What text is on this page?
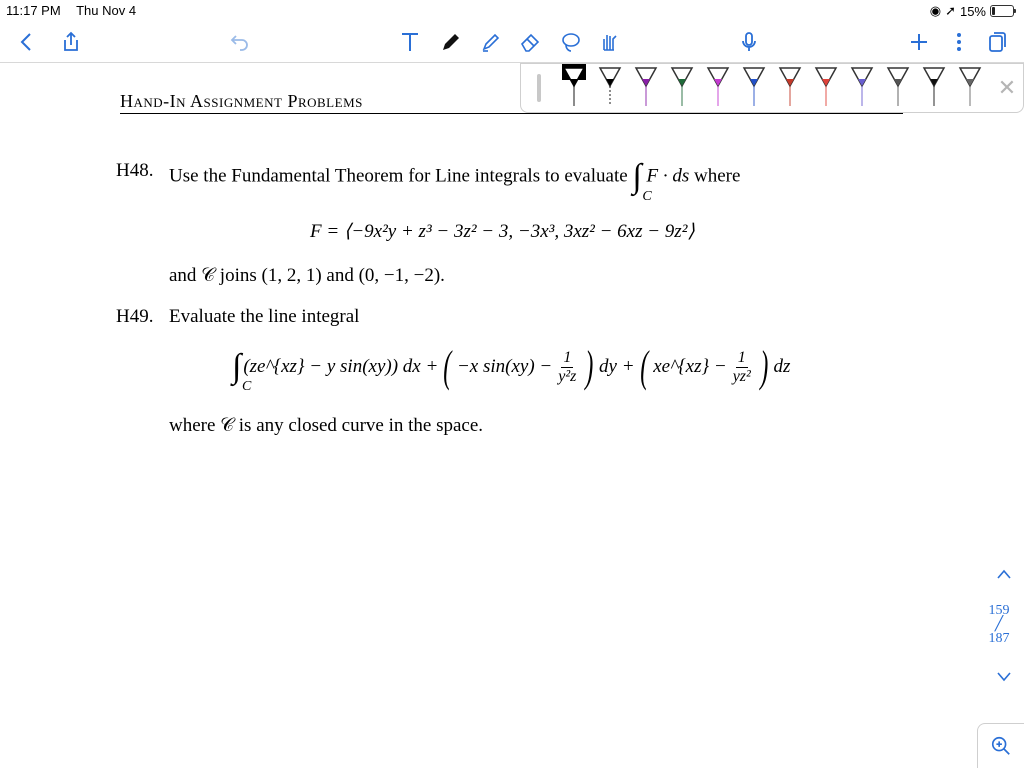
11:17 PM Thu Nov 4	◉ ➚ 15%
✕
Hand-In Assignment Problems
H48. Use the Fundamental Theorem for Line integrals to evaluate ∫
C
F · ds where
F = ⟨−9x²y + z³ − 3z² − 3, −3x³, 3xz² − 6xz − 9z²⟩
and 𝒞 joins (1, 2, 1) and (0, −1, −2).
H49. Evaluate the line integral
∫
C
(ze^{xz} − y sin(xy)) dx + ( −x $\sin(xy) - \frac{1}{\text{y²z}}$ ) dy + ( xe^{xz} − $\frac{1}{\text{yz²}}$ ) dz
where 𝒞 is any closed curve in the space.
159
╱
187
